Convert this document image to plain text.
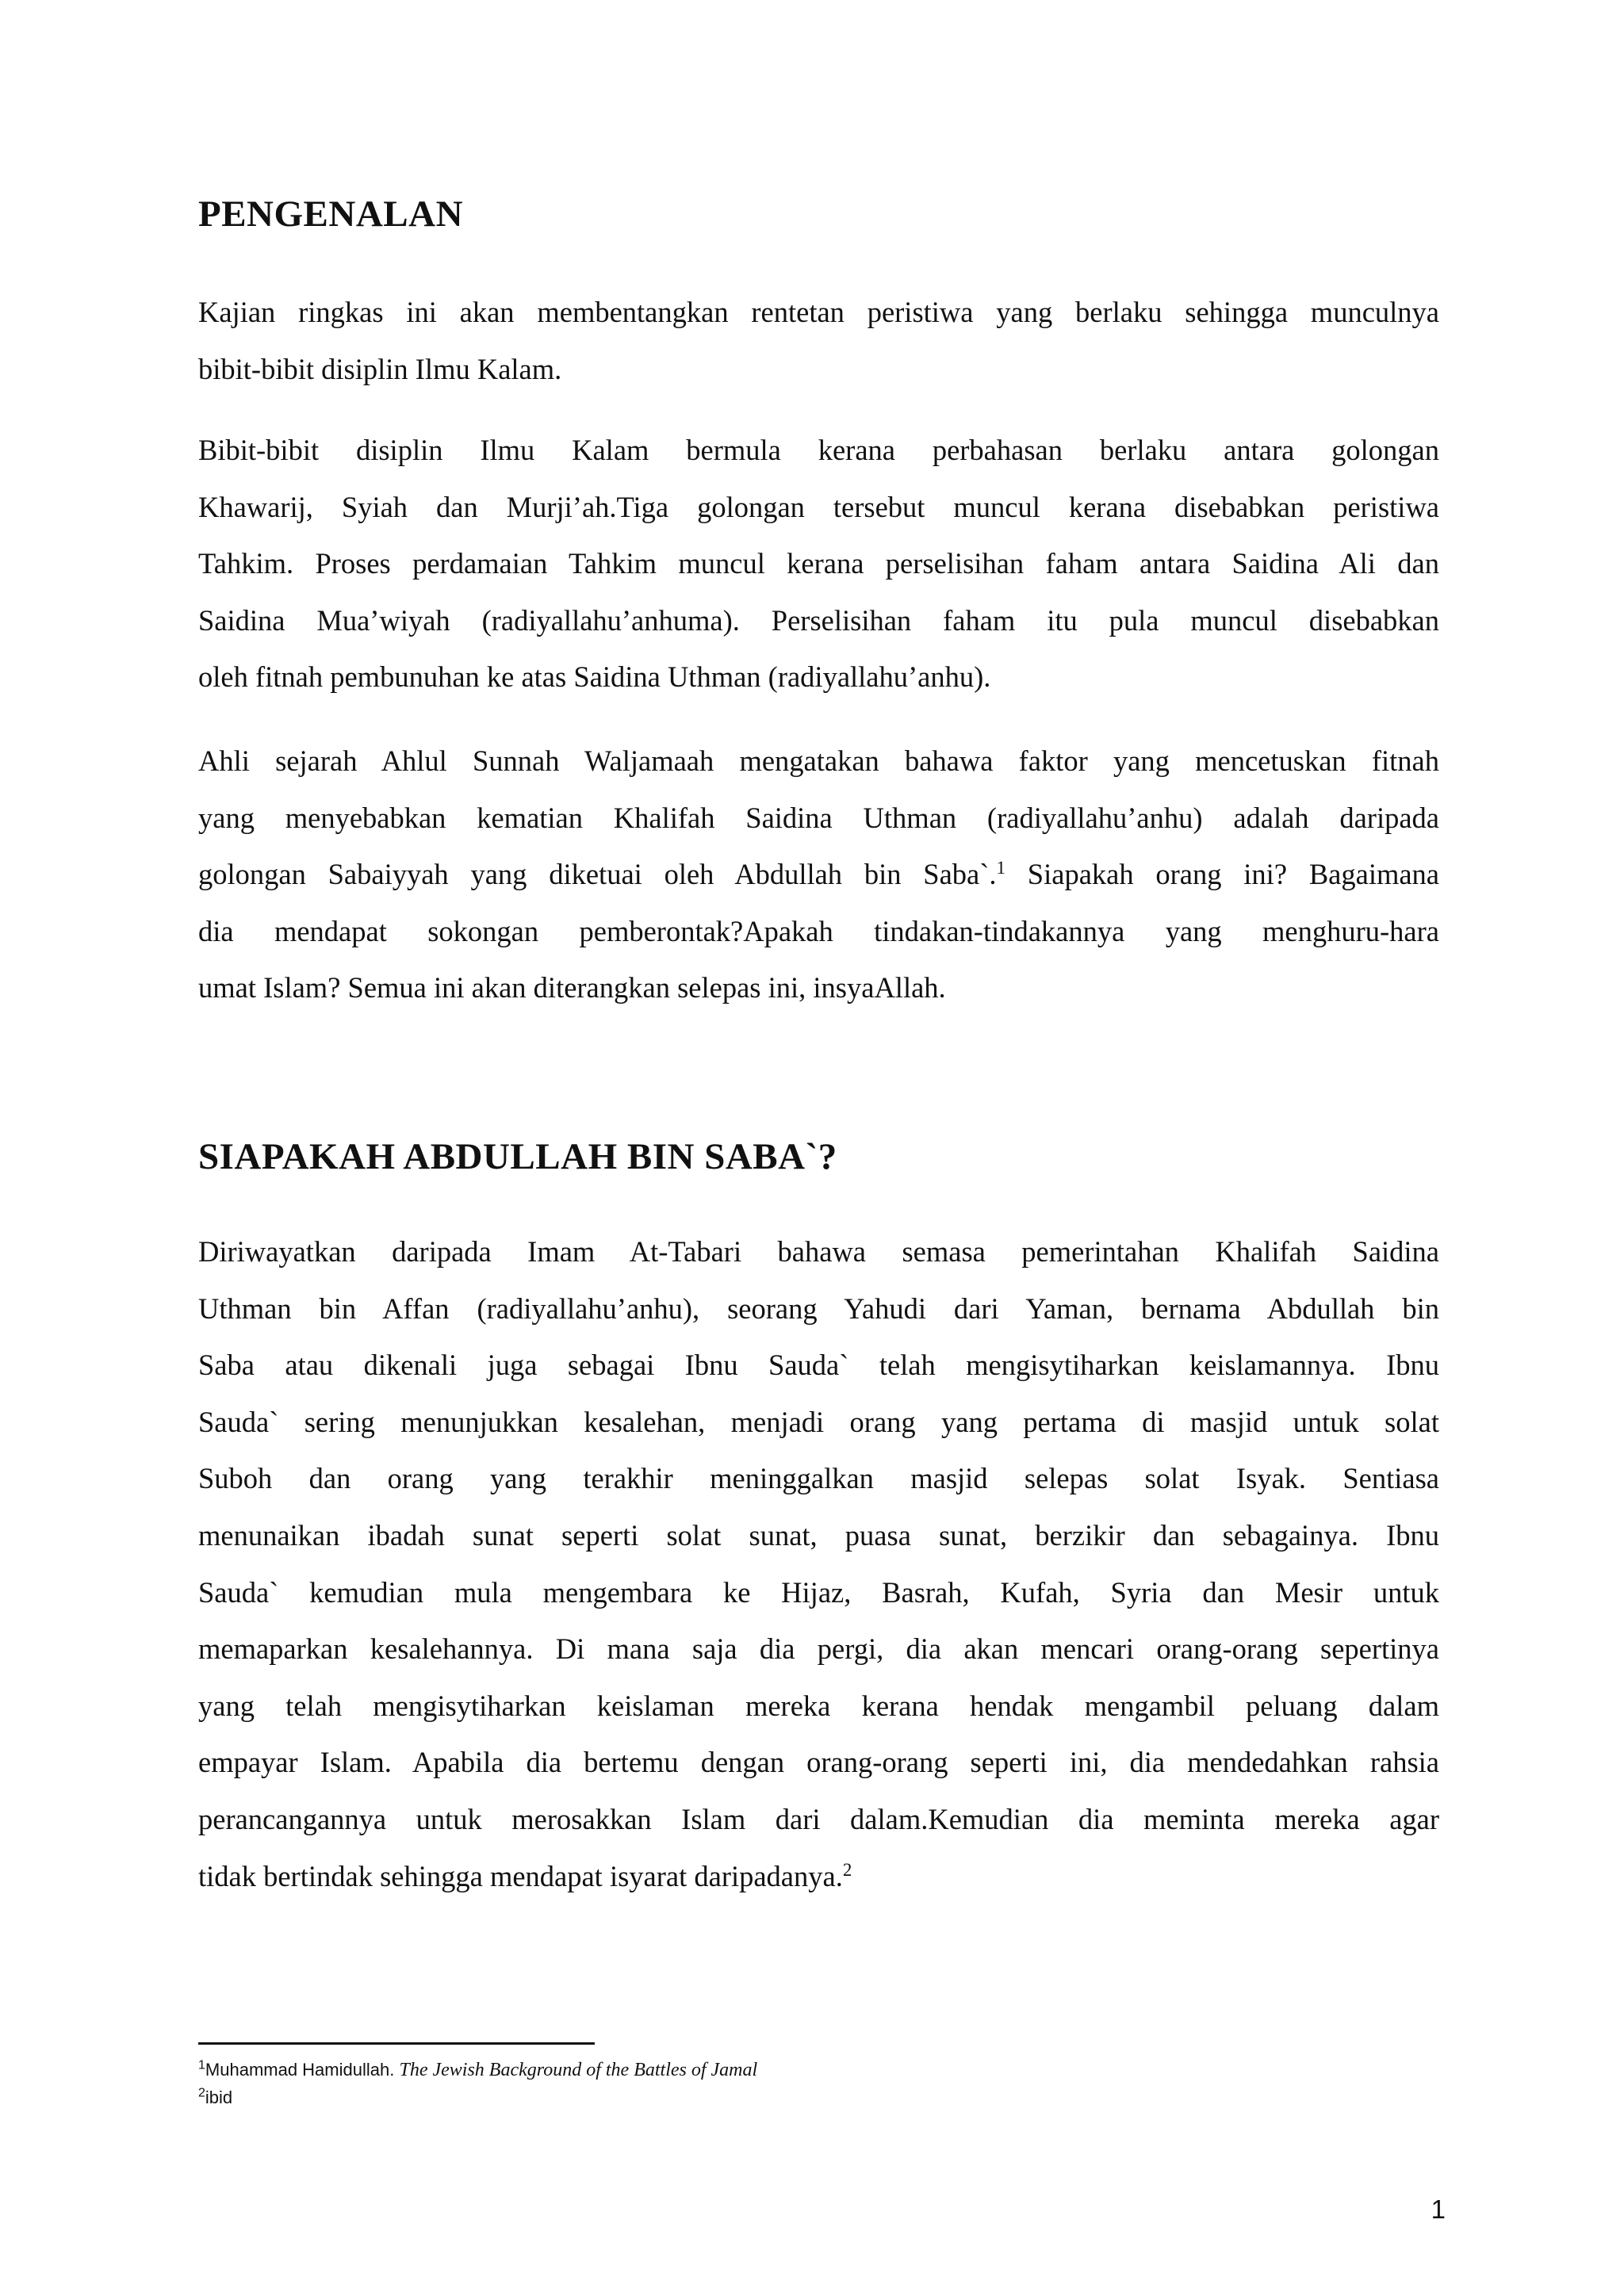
PENGENALAN
Kajian ringkas ini akan membentangkan rentetan peristiwa yang berlaku sehingga munculnya
bibit-bibit disiplin Ilmu Kalam.
Bibit-bibit disiplin Ilmu Kalam bermula kerana perbahasan berlaku antara golongan
Khawarij, Syiah dan Murji’ah.Tiga golongan tersebut muncul kerana disebabkan peristiwa
Tahkim. Proses perdamaian Tahkim muncul kerana perselisihan faham antara Saidina Ali dan
Saidina Mua’wiyah (radiyallahu’anhuma). Perselisihan faham itu pula muncul disebabkan
oleh fitnah pembunuhan ke atas Saidina Uthman (radiyallahu’anhu).
Ahli sejarah Ahlul Sunnah Waljamaah mengatakan bahawa faktor yang mencetuskan fitnah
yang menyebabkan kematian Khalifah Saidina Uthman (radiyallahu’anhu) adalah daripada
golongan Sabaiyyah yang diketuai oleh Abdullah bin Saba`.$^1$ Siapakah orang ini? Bagaimana
dia mendapat sokongan pemberontak?Apakah tindakan-tindakannya yang menghuru-hara
umat Islam? Semua ini akan diterangkan selepas ini, insyaAllah.
SIAPAKAH ABDULLAH BIN SABA`?
Diriwayatkan daripada Imam At-Tabari bahawa semasa pemerintahan Khalifah Saidina
Uthman bin Affan (radiyallahu’anhu), seorang Yahudi dari Yaman, bernama Abdullah bin
Saba atau dikenali juga sebagai Ibnu Sauda` telah mengisytiharkan keislamannya. Ibnu
Sauda` sering menunjukkan kesalehan, menjadi orang yang pertama di masjid untuk solat
Suboh dan orang yang terakhir meninggalkan masjid selepas solat Isyak. Sentiasa
menunaikan ibadah sunat seperti solat sunat, puasa sunat, berzikir dan sebagainya. Ibnu
Sauda` kemudian mula mengembara ke Hijaz, Basrah, Kufah, Syria dan Mesir untuk
memaparkan kesalehannya. Di mana saja dia pergi, dia akan mencari orang-orang sepertinya
yang telah mengisytiharkan keislaman mereka kerana hendak mengambil peluang dalam
empayar Islam. Apabila dia bertemu dengan orang-orang seperti ini, dia mendedahkan rahsia
perancangannya untuk merosakkan Islam dari dalam.Kemudian dia meminta mereka agar
tidak bertindak sehingga mendapat isyarat daripadanya.$^2$
$^1$Muhammad Hamidullah. The Jewish Background of the Battles of Jamal
$^2$ibid
1
